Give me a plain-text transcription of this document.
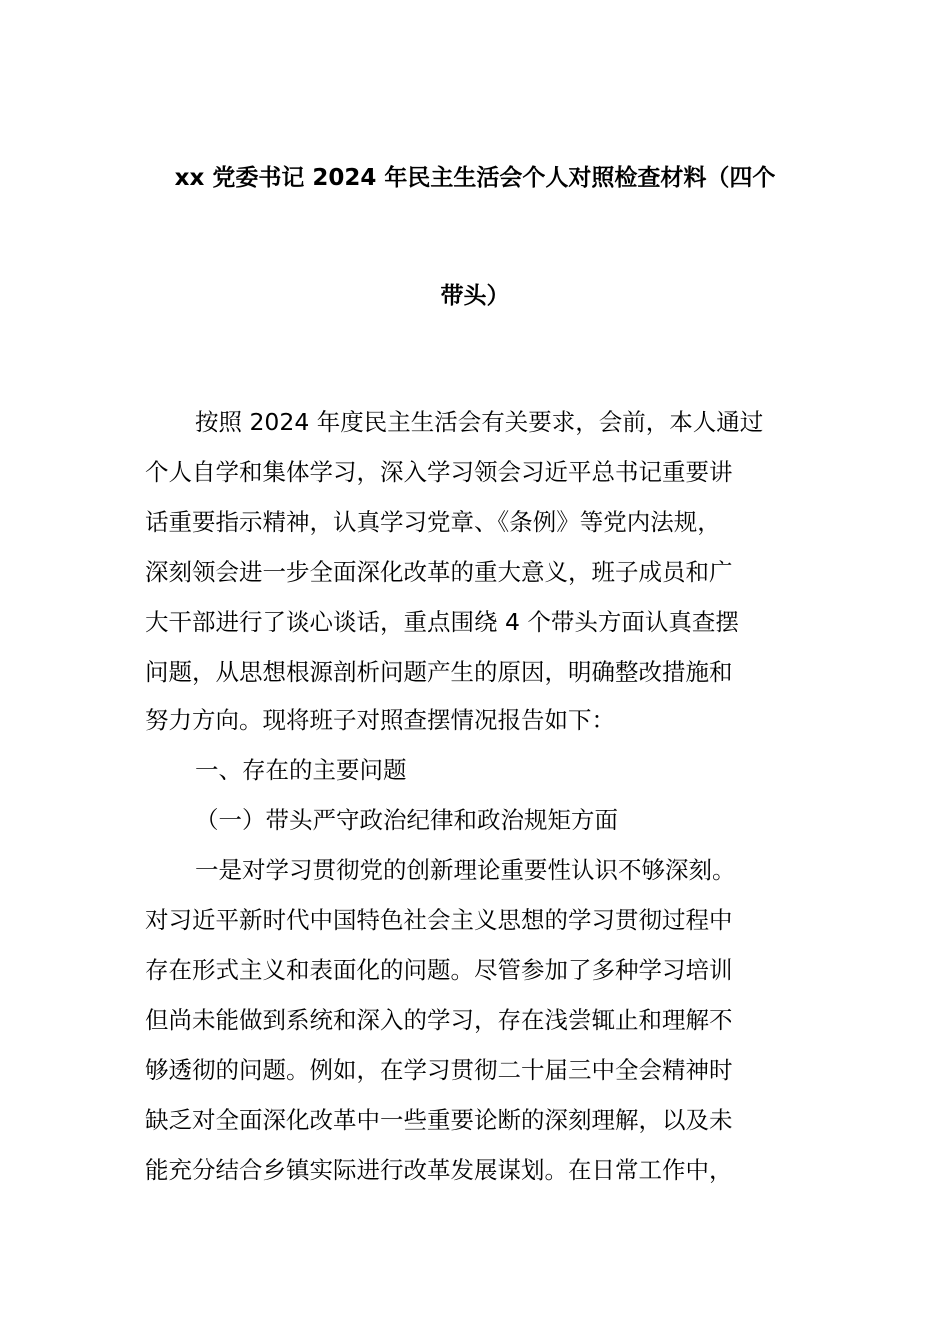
xx 党委书记 2024 年民主生活会个人对照检查材料（四个
带头）
按照 2024 年度民主生活会有关要求，会前，本人通过
个人自学和集体学习，深入学习领会习近平总书记重要讲
话重要指示精神，认真学习党章、《条例》等党内法规，
深刻领会进一步全面深化改革的重大意义，班子成员和广
大干部进行了谈心谈话，重点围绕 4 个带头方面认真查摆
问题，从思想根源剖析问题产生的原因，明确整改措施和
努力方向。现将班子对照查摆情况报告如下：
一、存在的主要问题
（一）带头严守政治纪律和政治规矩方面
一是对学习贯彻党的创新理论重要性认识不够深刻。
对习近平新时代中国特色社会主义思想的学习贯彻过程中
存在形式主义和表面化的问题。尽管参加了多种学习培训
但尚未能做到系统和深入的学习，存在浅尝辄止和理解不
够透彻的问题。例如，在学习贯彻二十届三中全会精神时
缺乏对全面深化改革中一些重要论断的深刻理解，以及未
能充分结合乡镇实际进行改革发展谋划。在日常工作中，
